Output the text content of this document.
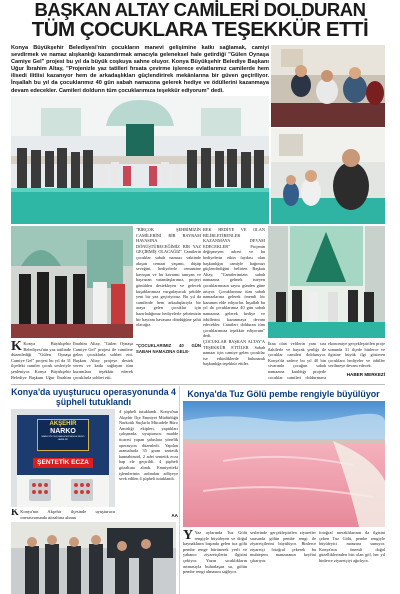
BAŞKAN ALTAY CAMİLERİ DOLDURAN
TÜM ÇOCUKLARA TEŞEKKÜR ETTİ
Konya Büyükşehir Belediyesi'nin çocukların manevi gelişimine katkı sağlamak, camiyi sevdirmek ve namaz alışkanlığı kazandırmak amacıyla geleneksel hale getirdiği "Gülen Oynaşa Camiye Gel" projesi bu yıl da büyük coşkuya sahne oluyor. Konya Büyükşehir Belediye Başkanı Uğur İbrahim Altay, "Projenizle yaz tatilleri fırsata çevirme işlerece evlatlarımız camilerde hem ilisedi ilitlisi kazanıyor hem de arkadaşlıkları güçlendirirek mekânlarına bir güven geçiriliyor. İnşallah bu yıl da çocuklarımız 40 gün sabah namazına gelerek hediye ve ödüllerini kazanmaya devam edecekler. Camileri doldurın tüm çocuklarımıza teşekkür ediyorum" dedi.
"BİRÇOK ŞEHRİMİZİN CAMİLERİNİ BİR BAYRAM HAVASINA DÖNÜŞTÜRECEĞİMİZ BİR YAZ GEÇİRMİŞ OLACAĞIZ" Camilerin çocuklar sabah namazı vaktinde akışan cemaat yaşamı, düşüp seveğini, hediyelerle cemaatine kavuşan ve bu kavramı tanıyan ve başvuran vatandaşlarımız, projeyi gönülden destekleyen ve gelecek kuşaklarımıza vurgulayacak şekilde yeni bir yaz geçiriyoruz. Bu yıl da camilerde hem arkadaşlarıyla bir araya gelen çocuklar için hazırladığımız hediyelerle şehrimizin bir bayram havasına döndüğüne şahit olacağız.
"ÇOCUKLARIMIZ 40 GÜN SABAH NAMAZINA GELE-
REK HEDİYE VE OLAN BİLİRLETİRENLER KAZANMAYA DEVAM EDECEKLER" Projenin değişmeyen adresi ve bu hediyelerin etkin faydası olan başkanlığın camiyle bağımızı güçlendirdiğini belirten Başkan Altay, "Camilerimizin sabah namazına gelmek isteyen çocuklarımızın sayısı günden güne artıyor. Çocuklarımız tüm sabah namazlarına gelerek önemli bir kazanım elde ediyorlar. İnşallah bu yıl da çocuklarımız 40 gün sabah namazına gelerek hediye ve ödüllerini kazanmaya devam edecekler. Camileri dolduran tüm çocuklarımıza teşekkür ediyorum" dedi.
ÇOCUKLAR BAŞKAN ALTAY'A TEŞEKKÜR ETTİLER Sabah namazı için camiye gelen çocuklar ise etkinliklerde bulunarak başkanlığa teşekkür ettiler.
İkna olan velilerin yanı sıra ilahilerle ve bayrak şenliği ile çocuklar camileri dolduruyor. Konya'da sadece bu yıl 40 bin civarında çocuğun sabah namazına katıldığı projede çocuklar camileri doldurmaya
ekonomiye gerçekleştirilen proje sonunda 31 ilçede binlerce ve ilgisine büyük ilgi gösteren çocuklara hediyeler ve ödüller verilmeye devam edecek.
HABER MERKEZİ
K Konya Büyükşehir Belediyesi'nin yaz tatilinde düzenlediği "Gülen Oynaşa Camiye Gel" projesi bu yıl da 31 ilçedeki camiler çocuk sesleriyle şenleniyor. Konya Büyükşehir Belediye Başkanı Uğur İbrahim
İbrahim Altay, "Gülen Oynaşa Camiye Gel" projesi ile camilere gelen çocuklarla sohbet etti. Başkan Altay projeye destek veren ve katkı sağlayan tüm kurumlara teşekkür ederek çocuklarla sohbet etti.
Konya'da uyuşturucu operasyonunda 4 şüpheli tutuklandı
AKŞEHİR
NARKO
NARKOTİK SUÇLARLA MÜCADELE BÜRO AMİRLİĞİ
ŞENTETİK ECZA
4 şüpheli tutuklandı. Konya'nın Akşehir İlçe Emniyet Müdürlüğü Narkotik Suçlarla Mücadele Büro Amirliği ekipleri, yaptıkları çalışmada, uyuşturucu madde ticareti yapan şahıslara yönelik operasyon düzenledi. Yapılan aramalarda 35 gram sentetik kannabinoid, 2 adet sentetik ecza hap ele geçirildi. 4 şüpheli gözaltına alındı. Emniyetteki işlemlerinin ardından adliyeye sevk edilen 4 şüpheli tutuklandı.
K Konya'nın Akşehir ilçesinde uyuşturucu operasyonunda gözaltına alınan	AA
Konya'da Tuz Gölü pembe rengiyle büyülüyor
Y Yaz aylarında Tuz Gölü rengiyle büyüleyen ve doğal kaynakların başında gelen tuz gölü pembe renge bürünerek yerli ve yabancı ziyaretçilerin ilgisini çekiyor. Yazın sıcaklıkların artmasıyla buharlaşan su, gölün pembe rengi almasını sağlıyor.
seslerinde gerçekleştirilen ziyaretler sırasında gölün pembe rengi ile ziyaretçilerini büyülüyor. Binlerce ziyaretçi fotoğraf çekerek bu muhteşem manzaranın keyfini çıkarıyor.
fotoğraf meraklılarının da ilgisini çeken Tuz Gölü, pembe rengiyle büyüleyici manzara sunuyor. Konya'nın önemli doğal güzelliklerinden biri olan göl, her yıl binlerce ziyaretçiyi ağırlıyor.
